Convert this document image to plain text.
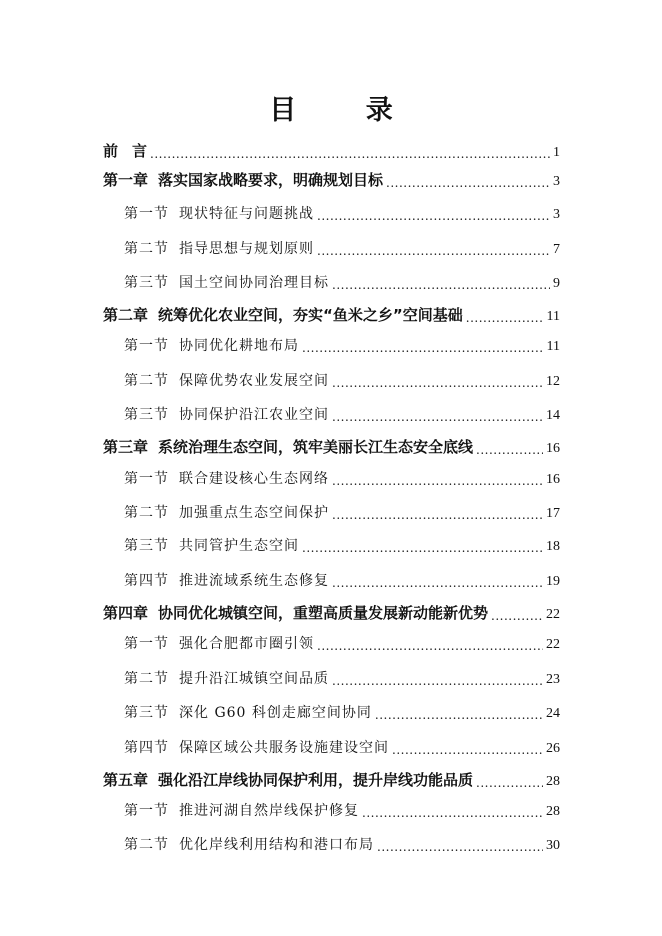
目 录
前 言 .....	1
第一章 落实国家战略要求，明确规划目标 .....	3
第一节 现状特征与问题挑战 .....	3
第二节 指导思想与规划原则 .....	7
第三节 国土空间协同治理目标 .....	9
第二章 统筹优化农业空间，夯实“鱼米之乡”空间基础 .....	11
第一节 协同优化耕地布局 .....	11
第二节 保障优势农业发展空间 .....	12
第三节 协同保护沿江农业空间 .....	14
第三章 系统治理生态空间，筑牢美丽长江生态安全底线 .....	16
第一节 联合建设核心生态网络 .....	16
第二节 加强重点生态空间保护 .....	17
第三节 共同管护生态空间 .....	18
第四节 推进流域系统生态修复 .....	19
第四章 协同优化城镇空间，重塑高质量发展新动能新优势 .....	22
第一节 强化合肥都市圈引领 .....	22
第二节 提升沿江城镇空间品质 .....	23
第三节 深化 G60 科创走廊空间协同 .....	24
第四节 保障区域公共服务设施建设空间 .....	26
第五章 强化沿江岸线协同保护利用，提升岸线功能品质 .....	28
第一节 推进河湖自然岸线保护修复 .....	28
第二节 优化岸线利用结构和港口布局 .....	30
